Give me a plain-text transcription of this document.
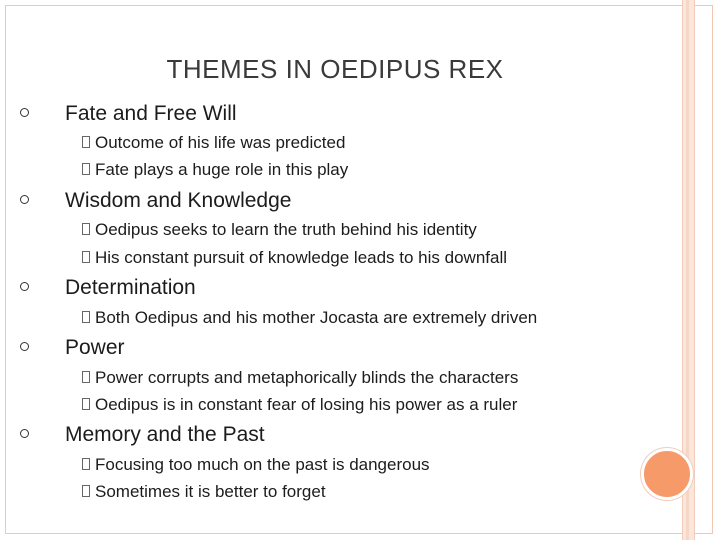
THEMES IN OEDIPUS REX
Fate and Free Will
Outcome of his life was predicted
Fate plays a huge role in this play
Wisdom and Knowledge
Oedipus seeks to learn the truth behind his identity
His constant pursuit of knowledge leads to his downfall
Determination
Both Oedipus and his mother Jocasta are extremely driven
Power
Power corrupts and metaphorically blinds the characters
Oedipus is in constant fear of losing his power as a ruler
Memory and the Past
Focusing too much on the past is dangerous
Sometimes it is better to forget
